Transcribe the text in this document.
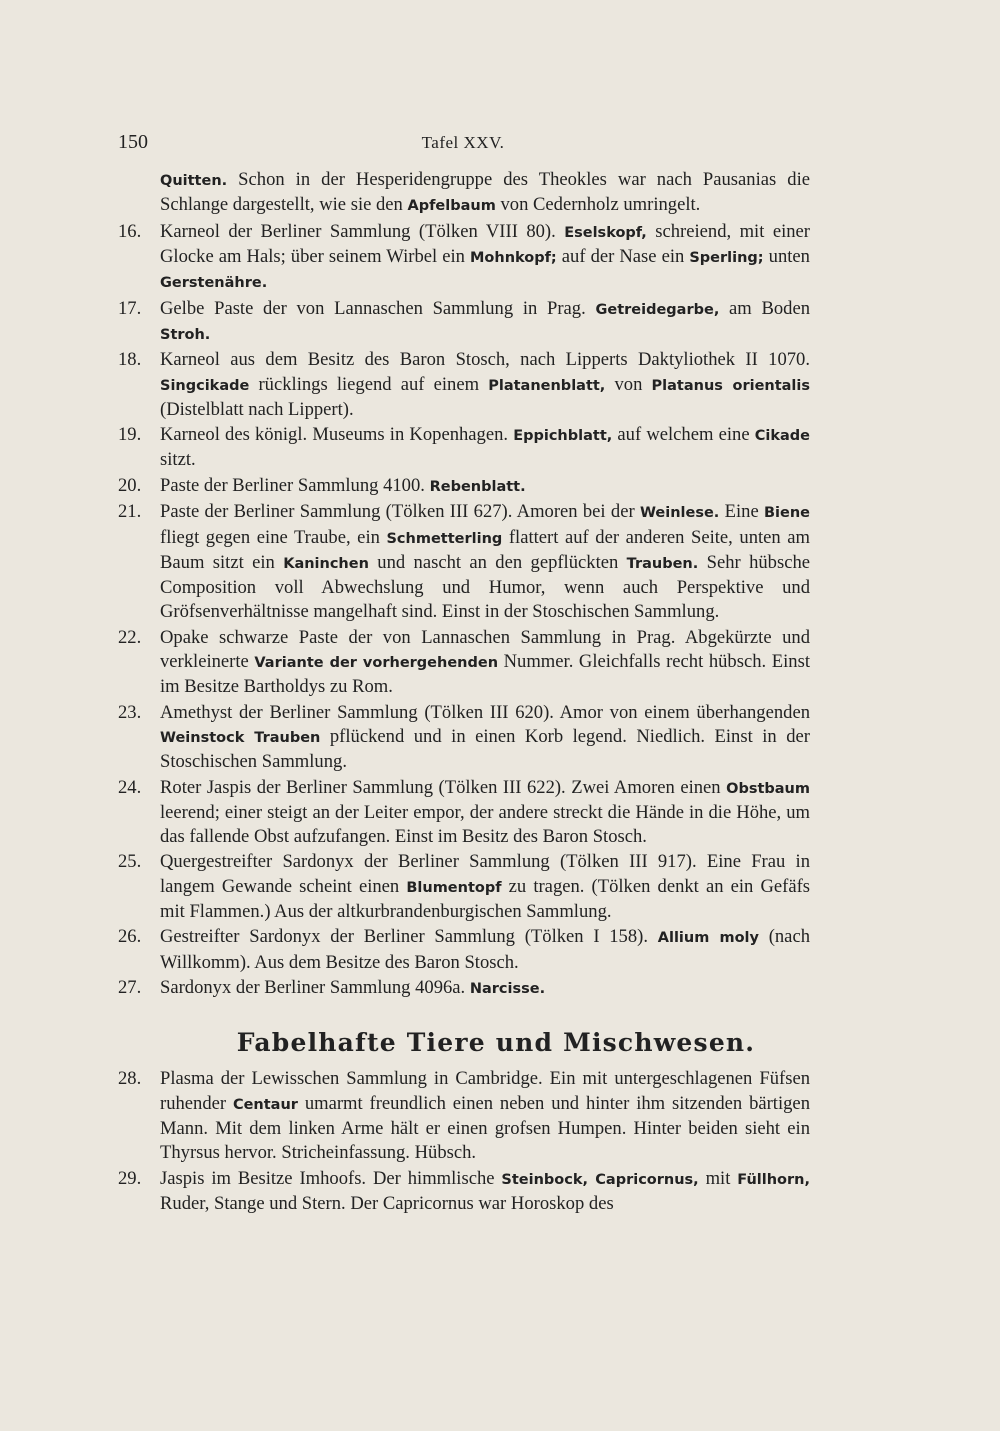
150	Tafel XXV.
Quitten. Schon in der Hesperidengruppe des Theokles war nach Pausanias die Schlange dargestellt, wie sie den Apfelbaum von Cedernholz umringelt.
16. Karneol der Berliner Sammlung (Tölken VIII 80). Eselskopf, schreiend, mit einer Glocke am Hals; über seinem Wirbel ein Mohnkopf; auf der Nase ein Sperling; unten Gerstenähre.
17. Gelbe Paste der von Lannaschen Sammlung in Prag. Getreidegarbe, am Boden Stroh.
18. Karneol aus dem Besitz des Baron Stosch, nach Lipperts Daktyliothek II 1070. Singcikade rücklings liegend auf einem Platanenblatt, von Platanus orientalis (Distelblatt nach Lippert).
19. Karneol des königl. Museums in Kopenhagen. Eppichblatt, auf welchem eine Cikade sitzt.
20. Paste der Berliner Sammlung 4100. Rebenblatt.
21. Paste der Berliner Sammlung (Tölken III 627). Amoren bei der Weinlese. Eine Biene fliegt gegen eine Traube, ein Schmetterling flattert auf der anderen Seite, unten am Baum sitzt ein Kaninchen und nascht an den gepflückten Trauben. Sehr hübsche Composition voll Abwechslung und Humor, wenn auch Perspektive und Gröfsenverhältnisse mangelhaft sind. Einst in der Stoschischen Sammlung.
22. Opake schwarze Paste der von Lannaschen Sammlung in Prag. Abgekürzte und verkleinerte Variante der vorhergehenden Nummer. Gleichfalls recht hübsch. Einst im Besitze Bartholdys zu Rom.
23. Amethyst der Berliner Sammlung (Tölken III 620). Amor von einem überhangenden Weinstock Trauben pflückend und in einen Korb legend. Niedlich. Einst in der Stoschischen Sammlung.
24. Roter Jaspis der Berliner Sammlung (Tölken III 622). Zwei Amoren einen Obstbaum leerend; einer steigt an der Leiter empor, der andere streckt die Hände in die Höhe, um das fallende Obst aufzufangen. Einst im Besitz des Baron Stosch.
25. Quergestreifter Sardonyx der Berliner Sammlung (Tölken III 917). Eine Frau in langem Gewande scheint einen Blumentopf zu tragen. (Tölken denkt an ein Gefäfs mit Flammen.) Aus der altkurbrandenburgischen Sammlung.
26. Gestreifter Sardonyx der Berliner Sammlung (Tölken I 158). Allium moly (nach Willkomm). Aus dem Besitze des Baron Stosch.
27. Sardonyx der Berliner Sammlung 4096a. Narcisse.
Fabelhafte Tiere und Mischwesen.
28. Plasma der Lewisschen Sammlung in Cambridge. Ein mit untergeschlagenen Füfsen ruhender Centaur umarmt freundlich einen neben und hinter ihm sitzenden bärtigen Mann. Mit dem linken Arme hält er einen grofsen Humpen. Hinter beiden sieht ein Thyrsus hervor. Stricheinfassung. Hübsch.
29. Jaspis im Besitze Imhoofs. Der himmlische Steinbock, Capricornus, mit Füllhorn, Ruder, Stange und Stern. Der Capricornus war Horoskop des
